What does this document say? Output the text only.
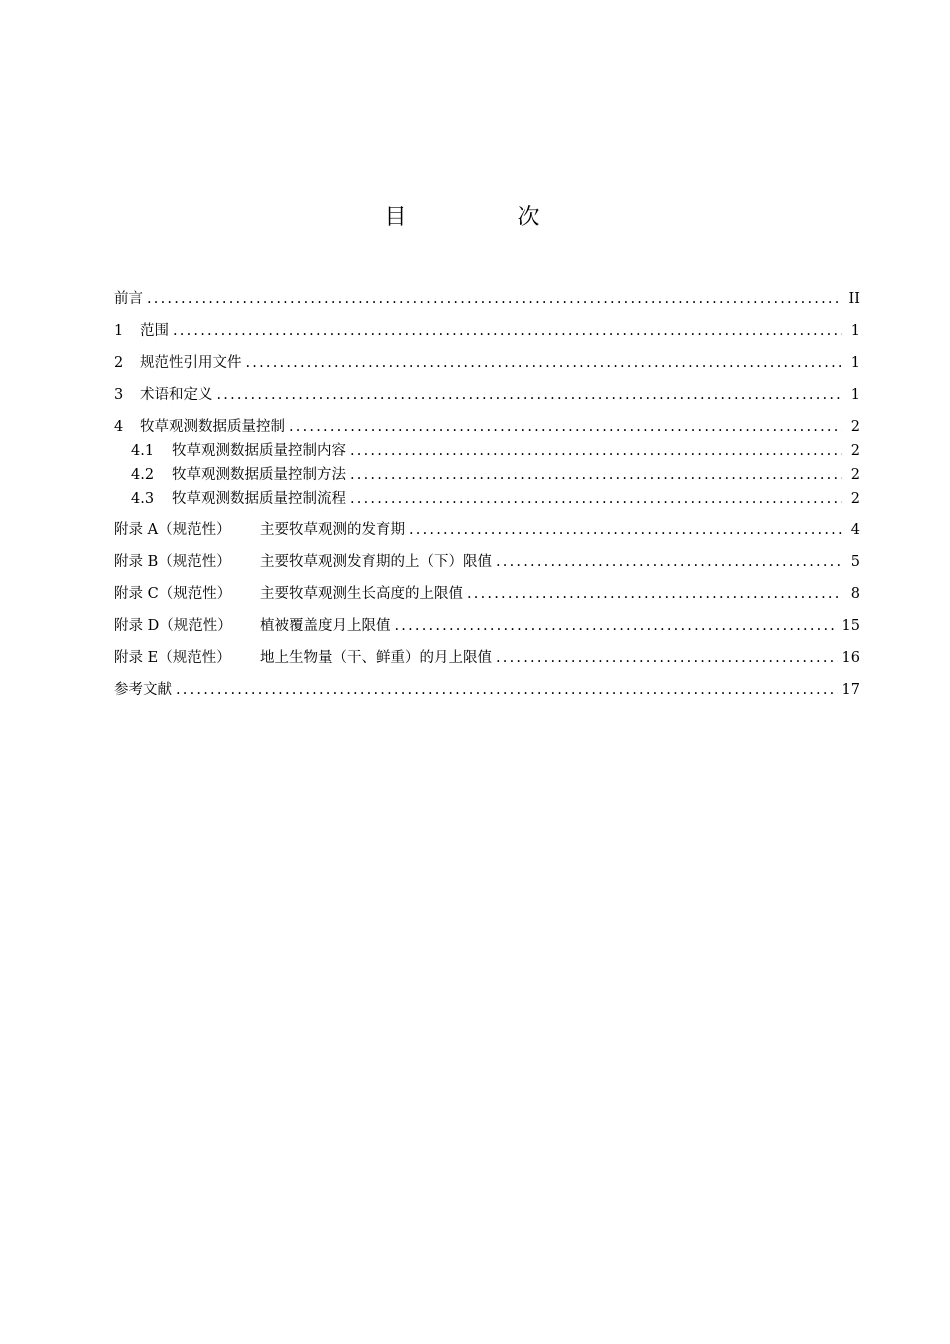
目 次
前言 .....	II
1	范围 .....	1
2	规范性引用文件 .....	1
3	术语和定义 .....	1
4	牧草观测数据质量控制 .....	2
4.1	牧草观测数据质量控制内容 .....	2
4.2	牧草观测数据质量控制方法 .....	2
4.3	牧草观测数据质量控制流程 .....	2
附录 A（规范性）	主要牧草观测的发育期 .....	4
附录 B（规范性）	主要牧草观测发育期的上（下）限值 .....	5
附录 C（规范性）	主要牧草观测生长高度的上限值 .....	8
附录 D（规范性）	植被覆盖度月上限值 .....	15
附录 E（规范性）	地上生物量（干、鲜重）的月上限值 .....	16
参考文献 .....	17
